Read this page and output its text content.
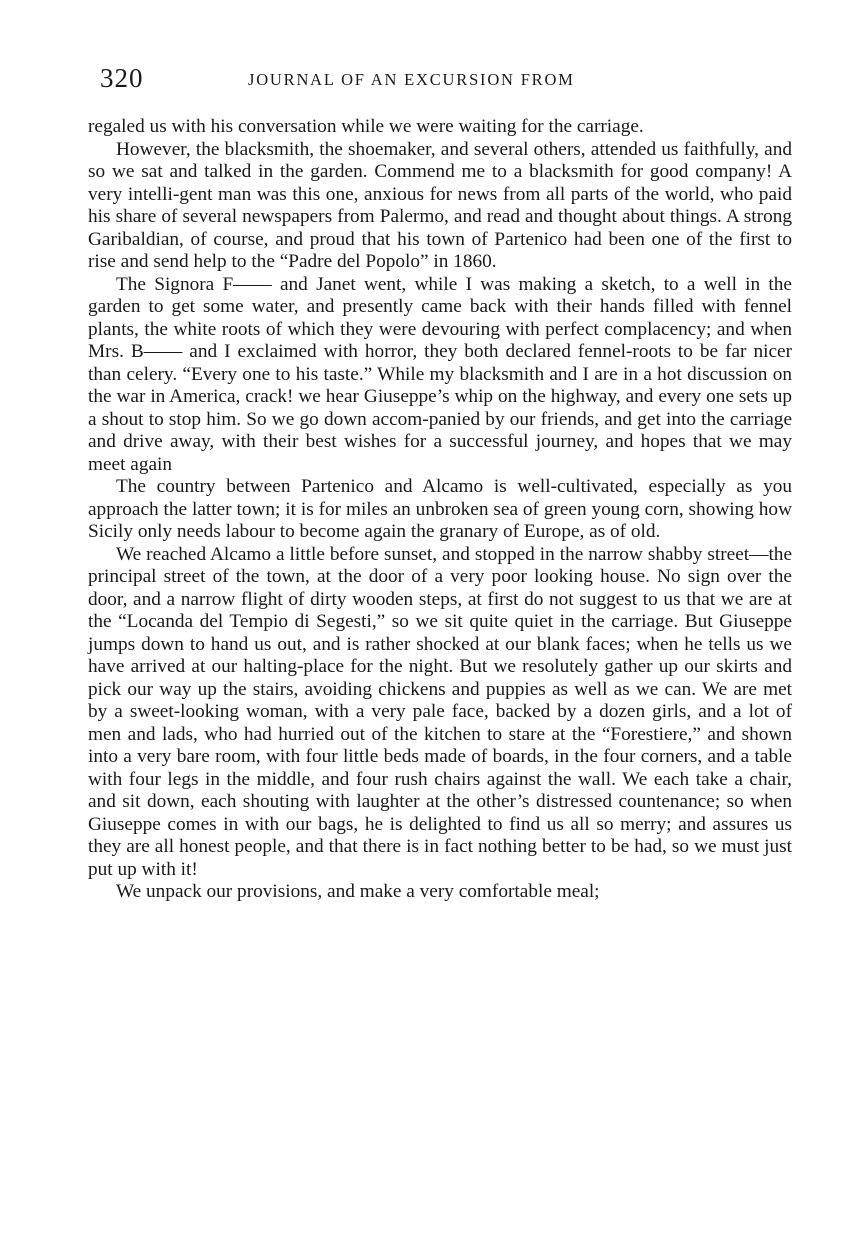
320	JOURNAL OF AN EXCURSION FROM

regaled us with his conversation while we were waiting for the carriage.

However, the blacksmith, the shoemaker, and several others, attended us faithfully, and so we sat and talked in the garden. Commend me to a blacksmith for good company! A very intelli-gent man was this one, anxious for news from all parts of the world, who paid his share of several newspapers from Palermo, and read and thought about things. A strong Garibaldian, of course, and proud that his town of Partenico had been one of the first to rise and send help to the “Padre del Popolo” in 1860.

The Signora F—— and Janet went, while I was making a sketch, to a well in the garden to get some water, and presently came back with their hands filled with fennel plants, the white roots of which they were devouring with perfect complacency; and when Mrs. B—— and I exclaimed with horror, they both declared fennel-roots to be far nicer than celery. “Every one to his taste.” While my blacksmith and I are in a hot discussion on the war in America, crack! we hear Giuseppe’s whip on the highway, and every one sets up a shout to stop him. So we go down accom-panied by our friends, and get into the carriage and drive away, with their best wishes for a successful journey, and hopes that we may meet again

The country between Partenico and Alcamo is well-cultivated, especially as you approach the latter town; it is for miles an unbroken sea of green young corn, showing how Sicily only needs labour to become again the granary of Europe, as of old.

We reached Alcamo a little before sunset, and stopped in the narrow shabby street—the principal street of the town, at the door of a very poor looking house. No sign over the door, and a narrow flight of dirty wooden steps, at first do not suggest to us that we are at the “Locanda del Tempio di Segesti,” so we sit quite quiet in the carriage. But Giuseppe jumps down to hand us out, and is rather shocked at our blank faces; when he tells us we have arrived at our halting-place for the night. But we resolutely gather up our skirts and pick our way up the stairs, avoiding chickens and puppies as well as we can. We are met by a sweet-looking woman, with a very pale face, backed by a dozen girls, and a lot of men and lads, who had hurried out of the kitchen to stare at the “Forestiere,” and shown into a very bare room, with four little beds made of boards, in the four corners, and a table with four legs in the middle, and four rush chairs against the wall. We each take a chair, and sit down, each shouting with laughter at the other’s distressed countenance; so when Giuseppe comes in with our bags, he is delighted to find us all so merry; and assures us they are all honest people, and that there is in fact nothing better to be had, so we must just put up with it!

We unpack our provisions, and make a very comfortable meal;
